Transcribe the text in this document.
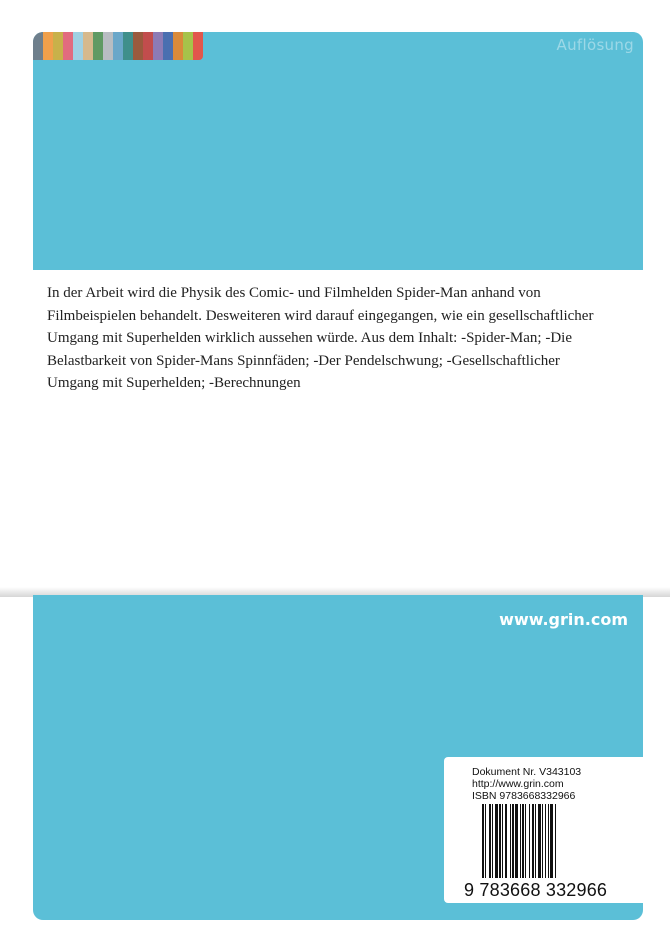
Auflösung

In der Arbeit wird die Physik des Comic- und Filmhelden Spider-Man anhand von Filmbeispielen behandelt. Desweiteren wird darauf eingegangen, wie ein gesellschaftlicher Umgang mit Superhelden wirklich aussehen würde. Aus dem Inhalt: -Spider-Man; -Die Belastbarkeit von Spider-Mans Spinnfäden; -Der Pendelschwung; -Gesellschaftlicher Umgang mit Superhelden; -Berechnungen

www.grin.com
Dokument Nr. V343103
http://www.grin.com
ISBN 9783668332966
9 783668 332966
